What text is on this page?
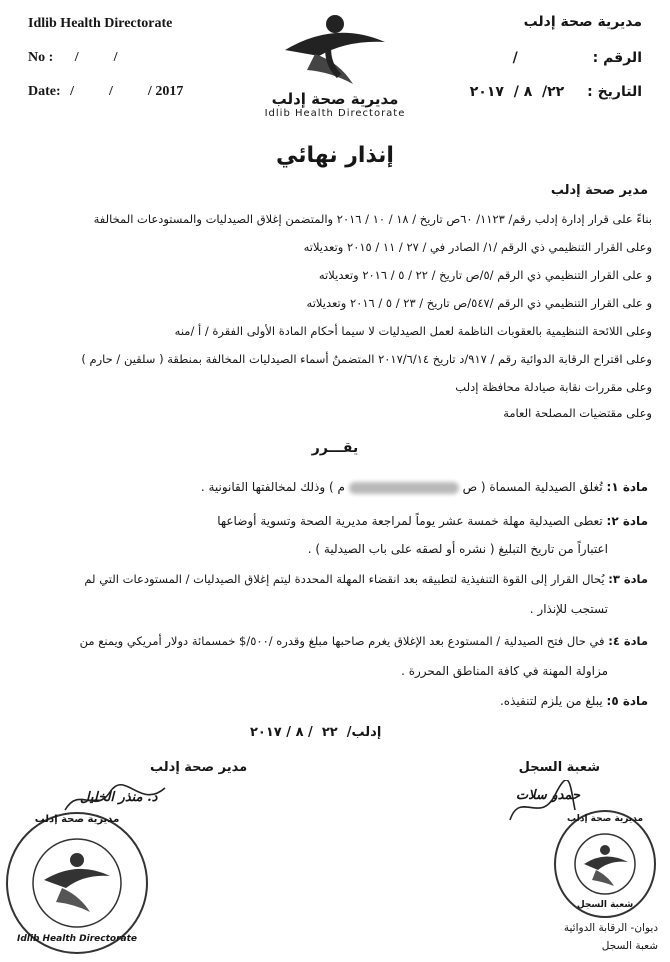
Idlib Health Directorate
No : /          /
Date: /          /          / 2017
مديرية صحة إدلب
الرقم : /
التاريخ : ٢٢/  ٨ /  ٢٠١٧
مديرية صحة إدلب
Idlib Health Directorate
إنذار نهائي
مدير صحة إدلب
بناءً على قرار إدارة إدلب رقم/ ١١٢٣/ ٦٠ص تاريخ / ١٨ / ١٠ / ٢٠١٦ والمتضمن إغلاق الصيدليات والمستودعات المخالفة
وعلى القرار التنظيمي ذي الرقم /١/ الصادر في / ٢٧ / ١١ / ٢٠١٥ وتعديلاته
و على القرار التنظيمي ذي الرقم /٥/ص تاريخ / ٢٢ / ٥ / ٢٠١٦ وتعديلاته
و على القرار التنظيمي ذي الرقم /٥٤٧/ص تاريخ / ٢٣ / ٥ / ٢٠١٦ وتعديلاته
وعلى اللائحة التنظيمية بالعقوبات الناظمة لعمل الصيدليات لا سيما أحكام المادة الأولى الفقرة / أ /منه
وعلى اقتراح الرقابة الدوائية رقم / ٩١٧/د تاريخ ٢٠١٧/٦/١٤ المتضمنُ أسماء الصيدليات المخالفة بمنطقة ( سلقين / حارم )
وعلى مقررات نقابة صيادلة محافظة إدلب
وعلى مقتضيات المصلحة العامة
يقـــرر
مادة ١: تُغلق الصيدلية المسماة ( ص  م ) وذلك لمخالفتها القانونية .
مادة ٢: تعطى الصيدلية مهلة خمسة عشر يوماً لمراجعة مديرية الصحة وتسوية أوضاعها
اعتباراً من تاريخ التبليغ ( نشره أو لصقه على باب الصيدلية ) .
مادة ٣: يُحال القرار إلى القوة التنفيذية لتطبيقه بعد انقضاء المهلة المحددة ليتم إغلاق الصيدليات / المستودعات التي لم
تستجب للإنذار .
مادة ٤: في حال فتح الصيدلية / المستودع بعد الإغلاق يغرم صاحبها مبلغ وقدره /٥٠٠/$ خمسمائة دولار أمريكي ويمنع من
مزاولة المهنة في كافة المناطق المحررة .
مادة ٥: يبلغ من يلزم لتنفيذه.
إدلب/  ٢٢  / ٨ / ٢٠١٧
شعبة السجل
حمدو سلات
مدير صحة إدلب
د. منذر الخليل
مديرية صحة إدلب
Idlib Health Directorate
مديرية صحة إدلب
شعبة السجل
ديوان- الرقابة الدوائية
شعبة السجل
